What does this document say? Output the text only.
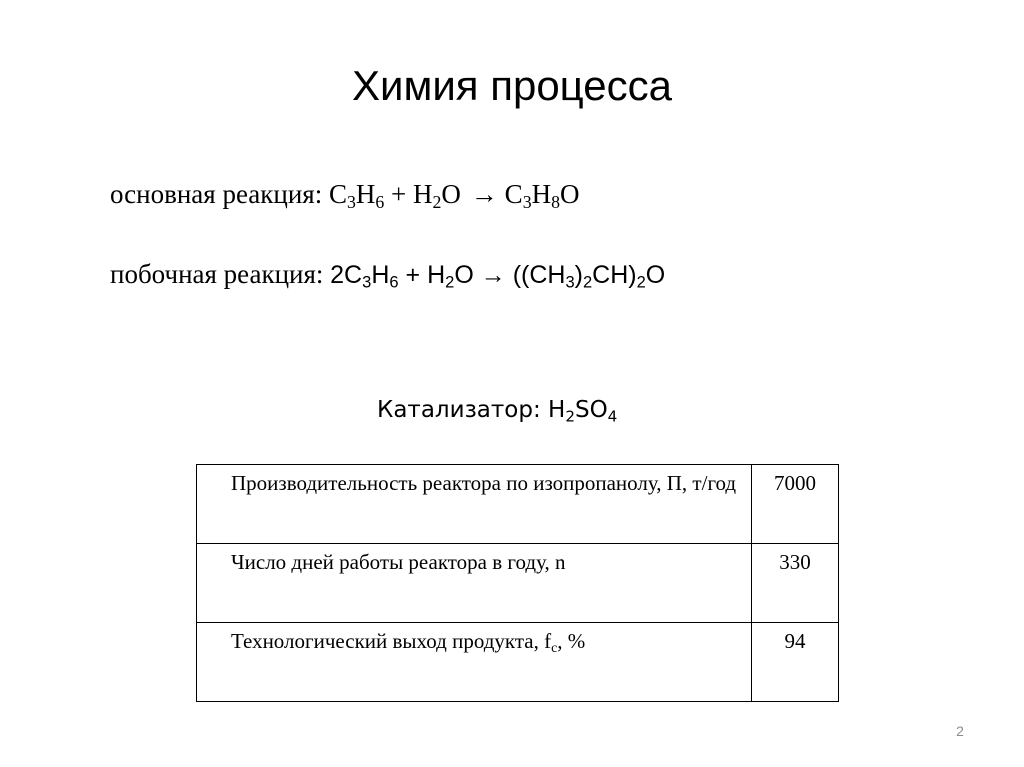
Химия процесса
основная реакция: $C_3H_6 + H_2O \to C_3H_8O$
побочная реакция: $2C_3H_6 + H_2O \to ((CH_3)_2CH)_2O$
Катализатор: $H_2SO_4$
Производительность реактора по изопропанолу, П, т/год	7000
Число дней работы реактора в году, n	330
Технологический выход продукта, $f_c$, %	94
2
